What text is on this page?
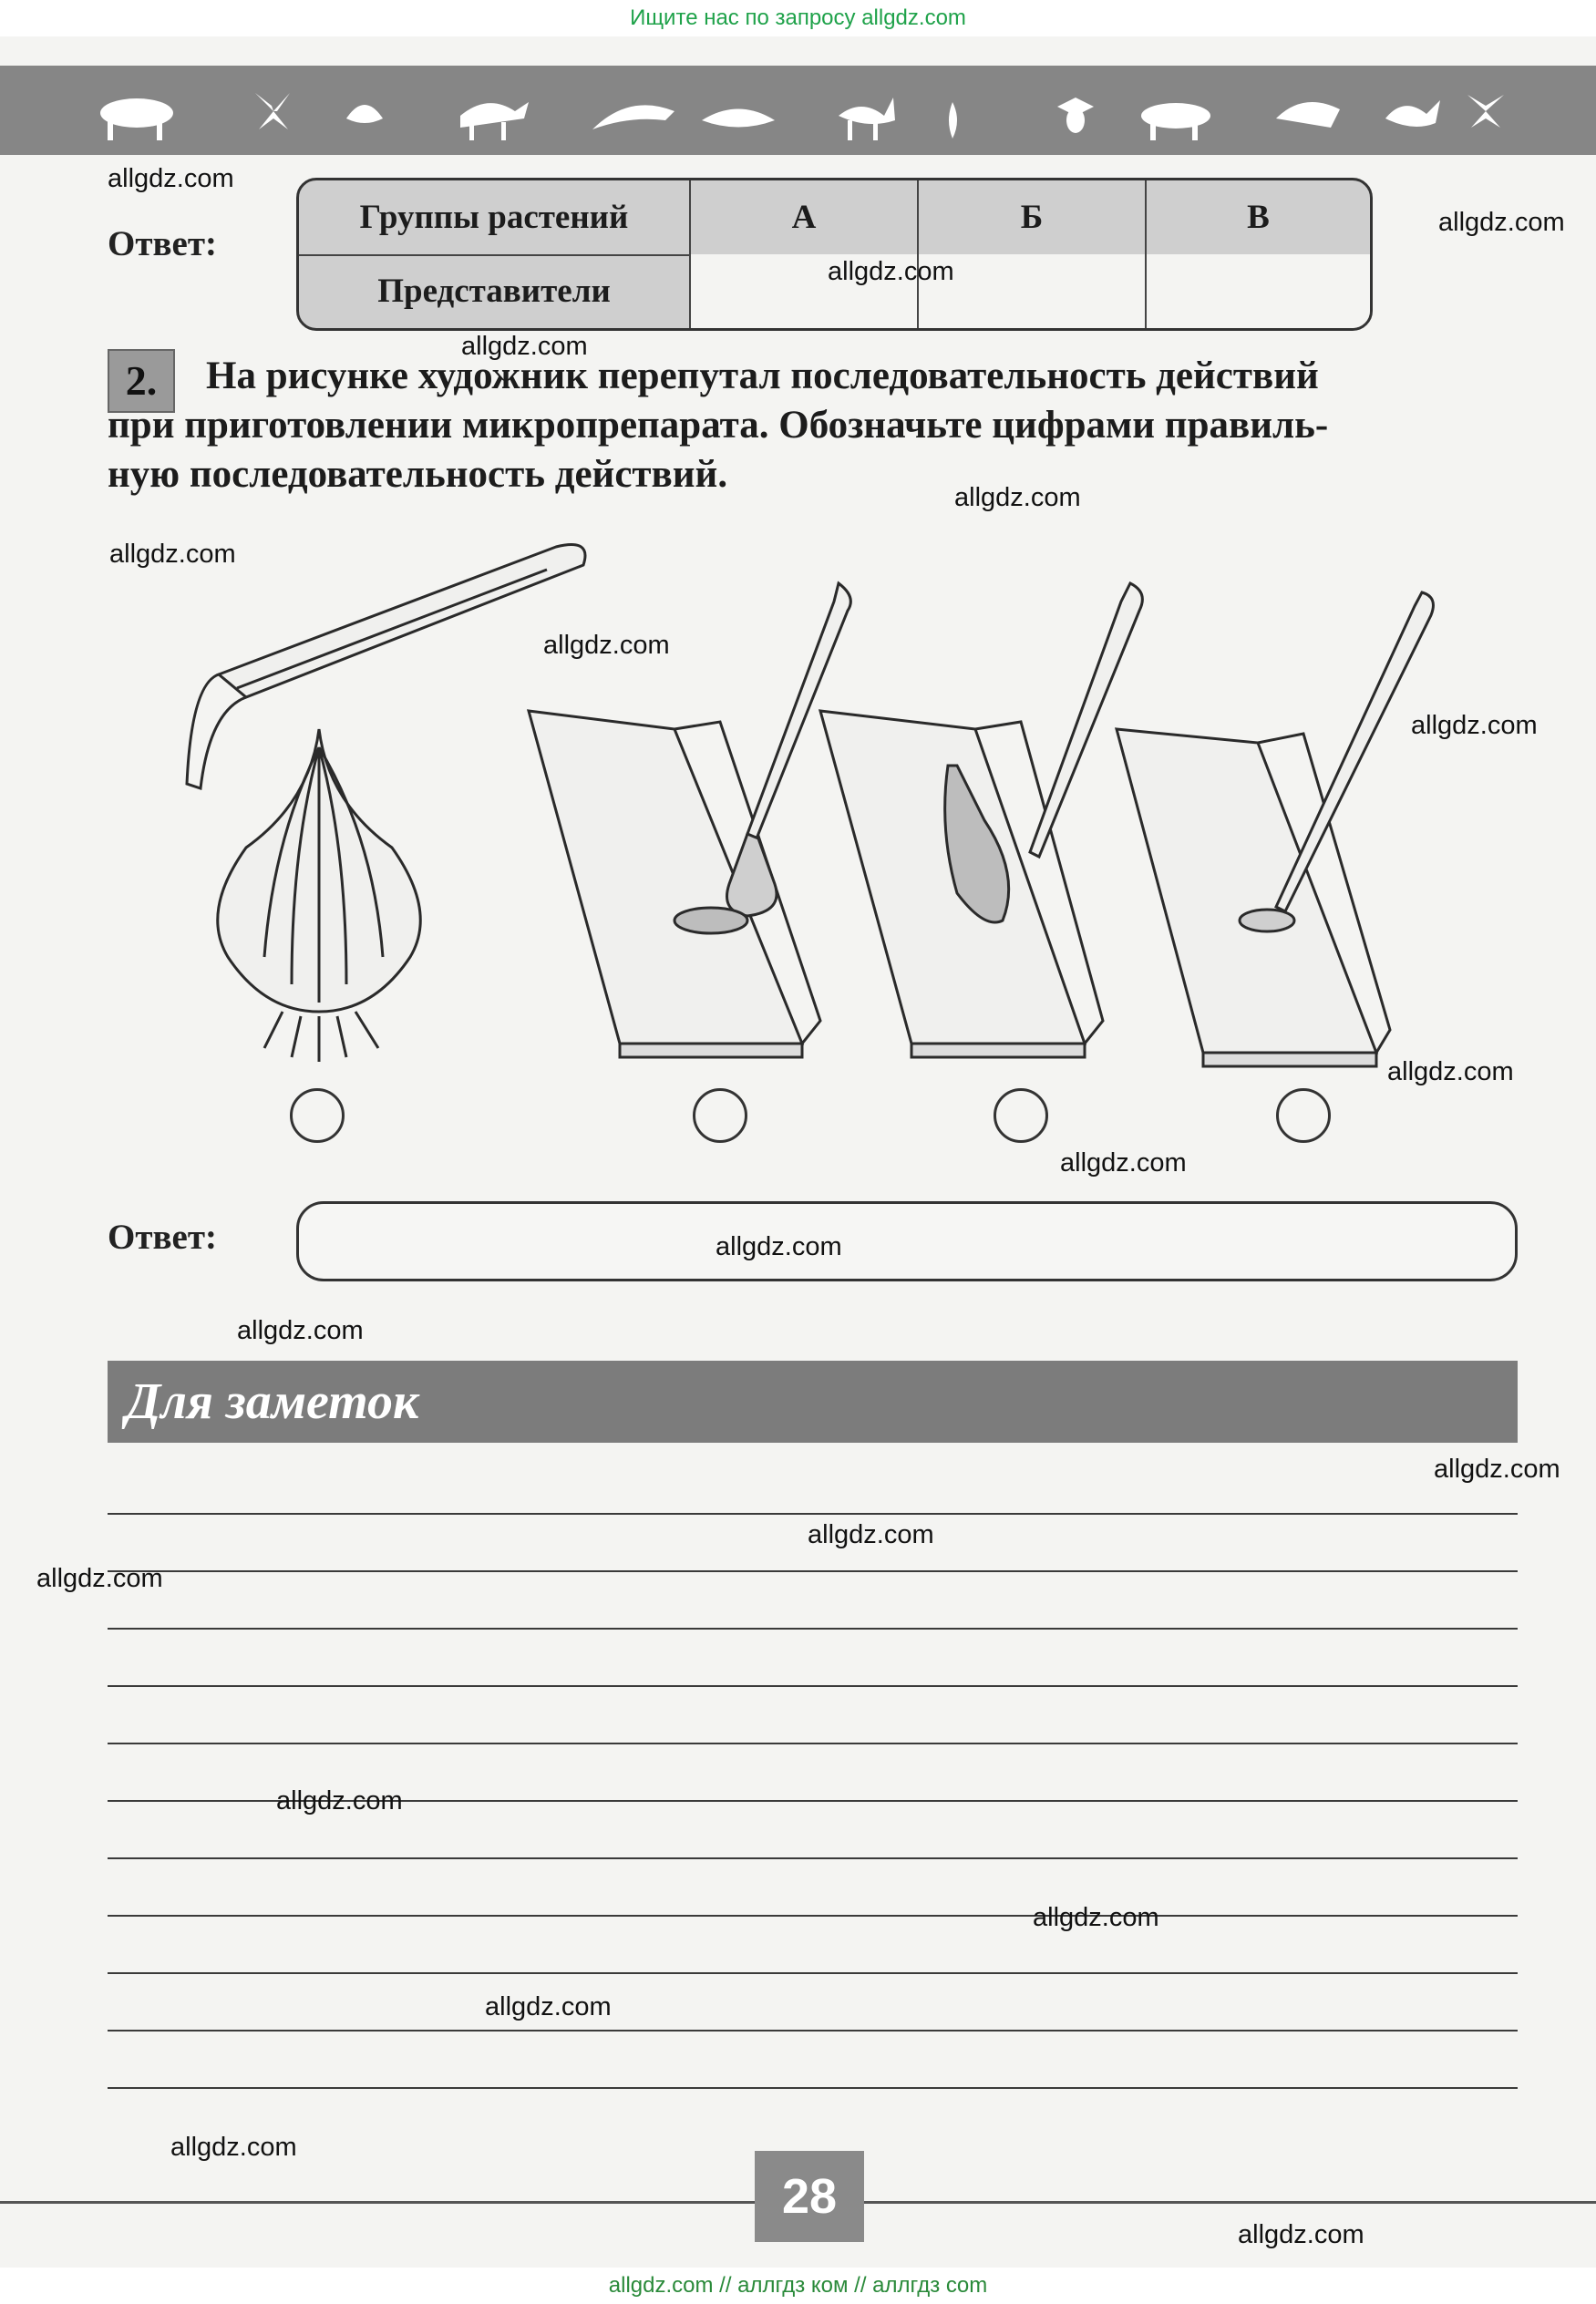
Ищите нас по запросу allgdz.com
Ответ:
Группы растений	А	Б	В
Представители
2.	На рисунке художник перепутал последовательность действий
при приготовлении микропрепарата. Обозначьте цифрами правиль-
ную последовательность действий.
Ответ:
Для заметок
28
allgdz.com
allgdz.com
allgdz.com
allgdz.com
allgdz.com
allgdz.com
allgdz.com
allgdz.com
allgdz.com
allgdz.com
allgdz.com
allgdz.com
allgdz.com
allgdz.com
allgdz.com
allgdz.com
allgdz.com
allgdz.com
allgdz.com
allgdz.com
allgdz.com // аллгдз ком // аллгдз com
